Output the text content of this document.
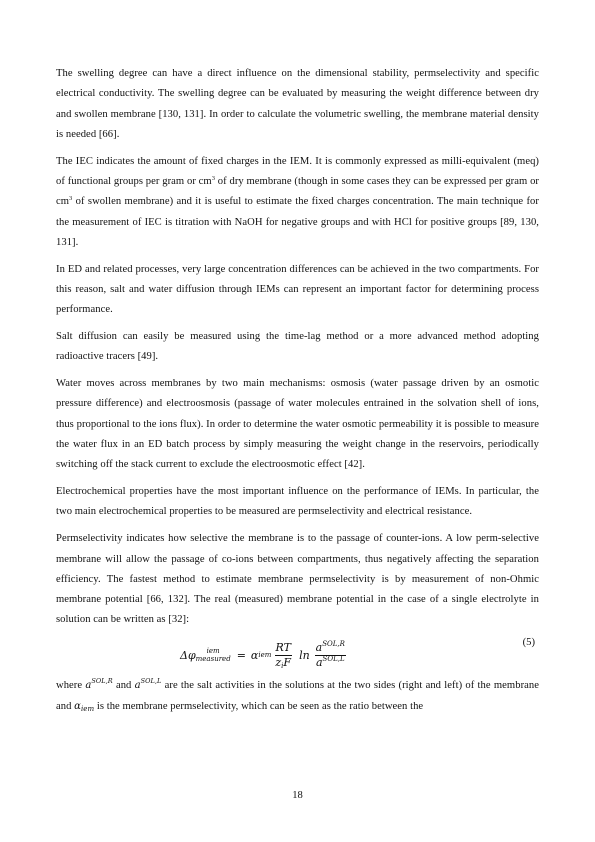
The swelling degree can have a direct influence on the dimensional stability, permselectivity and specific electrical conductivity. The swelling degree can be evaluated by measuring the weight difference between dry and swollen membrane [130, 131]. In order to calculate the volumetric swelling, the membrane material density is needed [66].

The IEC indicates the amount of fixed charges in the IEM. It is commonly expressed as milli-equivalent (meq) of functional groups per gram or $cm^3$ of dry membrane (though in some cases they can be expressed per gram or $cm^3$ of swollen membrane) and it is useful to estimate the fixed charges concentration. The main technique for the measurement of IEC is titration with NaOH for negative groups and with HCl for positive groups [89, 130, 131].

In ED and related processes, very large concentration differences can be achieved in the two compartments. For this reason, salt and water diffusion through IEMs can represent an important factor for determining process performance.

Salt diffusion can easily be measured using the time-lag method or a more advanced method adopting radioactive tracers [49].

Water moves across membranes by two main mechanisms: osmosis (water passage driven by an osmotic pressure difference) and electroosmosis (passage of water molecules entrained in the solvation shell of ions, thus proportional to the ions flux). In order to determine the water osmotic permeability it is possible to measure the water flux in an ED batch process by simply measuring the weight change in the reservoirs, periodically switching off the stack current to exclude the electroosmotic effect [42].

Electrochemical properties have the most important influence on the performance of IEMs. In particular, the two main electrochemical properties to be measured are permselectivity and electrical resistance.

Permselectivity indicates how selective the membrane is to the passage of counter-ions. A low perm-selective membrane will allow the passage of co-ions between compartments, thus negatively affecting the separation efficiency. The fastest method to estimate membrane permselectivity is by measurement of non-Ohmic membrane potential [66, 132]. The real (measured) membrane potential in the case of a single electrolyte in solution can be written as [32]:

Δφ iem
measured = α iem $\frac{RT}{\text{ziF}}$ $\ln \frac{a^{SOL,R}}{a^{SOL,L}}$	(5)

where $a^{SOL,R}$ and $a^{SOL,L}$ are the salt activities in the solutions at the two sides (right and left) of the membrane and αiem is the membrane permselectivity, which can be seen as the ratio between the

18
